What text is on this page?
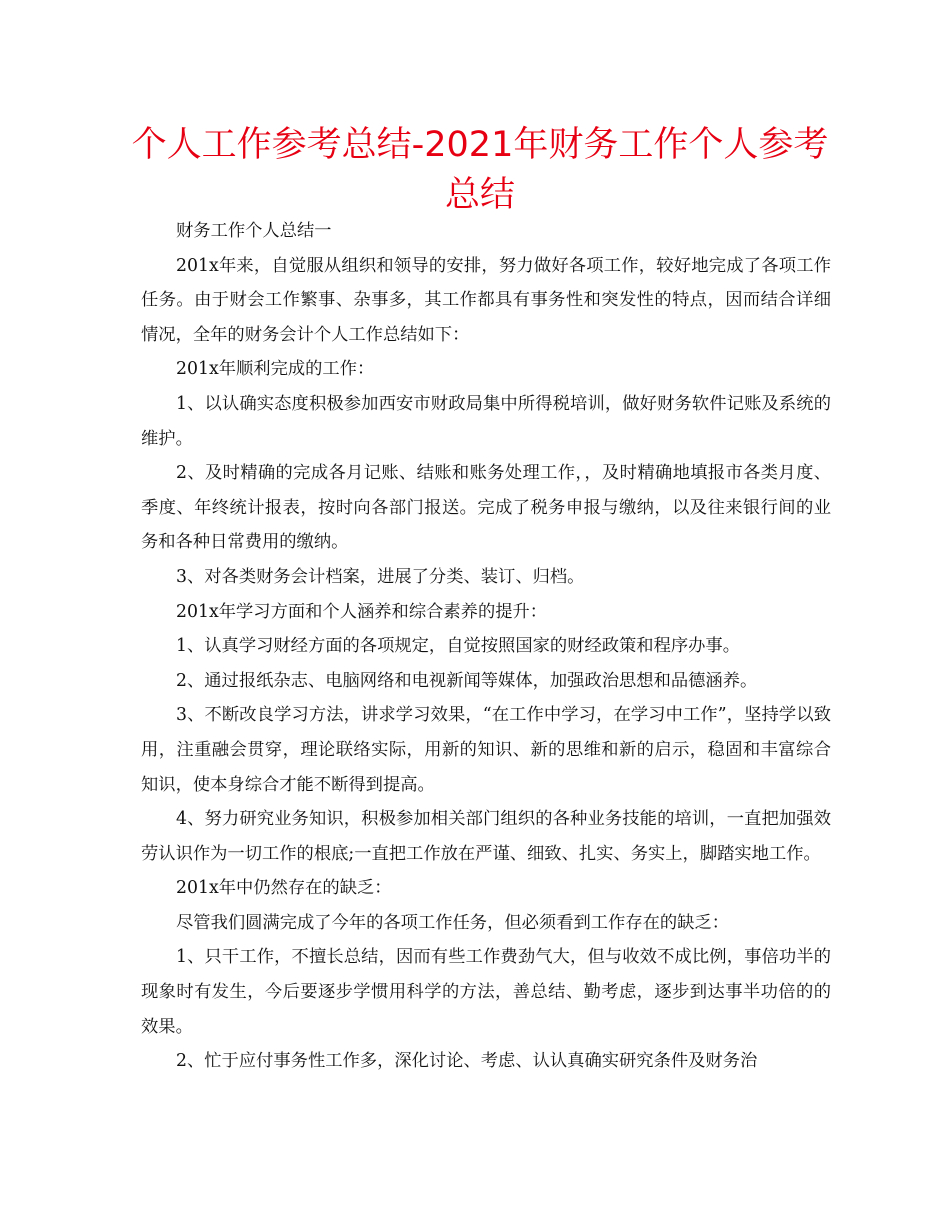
个人工作参考总结-2021年财务工作个人参考总结

财务工作个人总结一

201x年来，自觉服从组织和领导的安排，努力做好各项工作，较好地完成了各项工作任务。由于财会工作繁事、杂事多，其工作都具有事务性和突发性的特点，因而结合详细情况，全年的财务会计个人工作总结如下：

201x年顺利完成的工作：

1、以认确实态度积极参加西安市财政局集中所得税培训，做好财务软件记账及系统的维护。

2、及时精确的完成各月记账、结账和账务处理工作，，及时精确地填报市各类月度、季度、年终统计报表，按时向各部门报送。完成了税务申报与缴纳，以及往来银行间的业务和各种日常费用的缴纳。

3、对各类财务会计档案，进展了分类、装订、归档。

201x年学习方面和个人涵养和综合素养的提升：

1、认真学习财经方面的各项规定，自觉按照国家的财经政策和程序办事。

2、通过报纸杂志、电脑网络和电视新闻等媒体，加强政治思想和品德涵养。

3、不断改良学习方法，讲求学习效果，“在工作中学习，在学习中工作”，坚持学以致用，注重融会贯穿，理论联络实际，用新的知识、新的思维和新的启示，稳固和丰富综合知识，使本身综合才能不断得到提高。

4、努力研究业务知识，积极参加相关部门组织的各种业务技能的培训，一直把加强效劳认识作为一切工作的根底;一直把工作放在严谨、细致、扎实、务实上，脚踏实地工作。

201x年中仍然存在的缺乏：

尽管我们圆满完成了今年的各项工作任务，但必须看到工作存在的缺乏：

1、只干工作，不擅长总结，因而有些工作费劲气大，但与收效不成比例，事倍功半的现象时有发生，今后要逐步学惯用科学的方法，善总结、勤考虑，逐步到达事半功倍的的效果。

2、忙于应付事务性工作多，深化讨论、考虑、认认真确实研究条件及财务治
